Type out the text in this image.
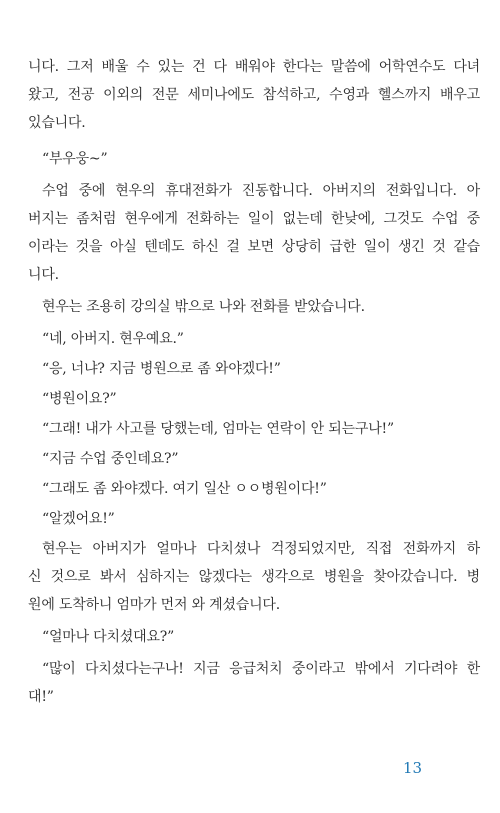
니다. 그저 배울 수 있는 건 다 배워야 한다는 말씀에 어학연수도 다녀
왔고, 전공 이외의 전문 세미나에도 참석하고, 수영과 헬스까지 배우고
있습니다.
“부우웅~”
수업 중에 현우의 휴대전화가 진동합니다. 아버지의 전화입니다. 아
버지는 좀처럼 현우에게 전화하는 일이 없는데 한낮에, 그것도 수업 중
이라는 것을 아실 텐데도 하신 걸 보면 상당히 급한 일이 생긴 것 같습
니다.
현우는 조용히 강의실 밖으로 나와 전화를 받았습니다.
“네, 아버지. 현우예요.”
“응, 너냐? 지금 병원으로 좀 와야겠다!”
“병원이요?”
“그래! 내가 사고를 당했는데, 엄마는 연락이 안 되는구나!”
“지금 수업 중인데요?”
“그래도 좀 와야겠다. 여기 일산 ㅇㅇ병원이다!”
“알겠어요!”
현우는 아버지가 얼마나 다치셨나 걱정되었지만, 직접 전화까지 하
신 것으로 봐서 심하지는 않겠다는 생각으로 병원을 찾아갔습니다. 병
원에 도착하니 엄마가 먼저 와 계셨습니다.
“얼마나 다치셨대요?”
“많이 다치셨다는구나! 지금 응급처치 중이라고 밖에서 기다려야 한
대!”
13
